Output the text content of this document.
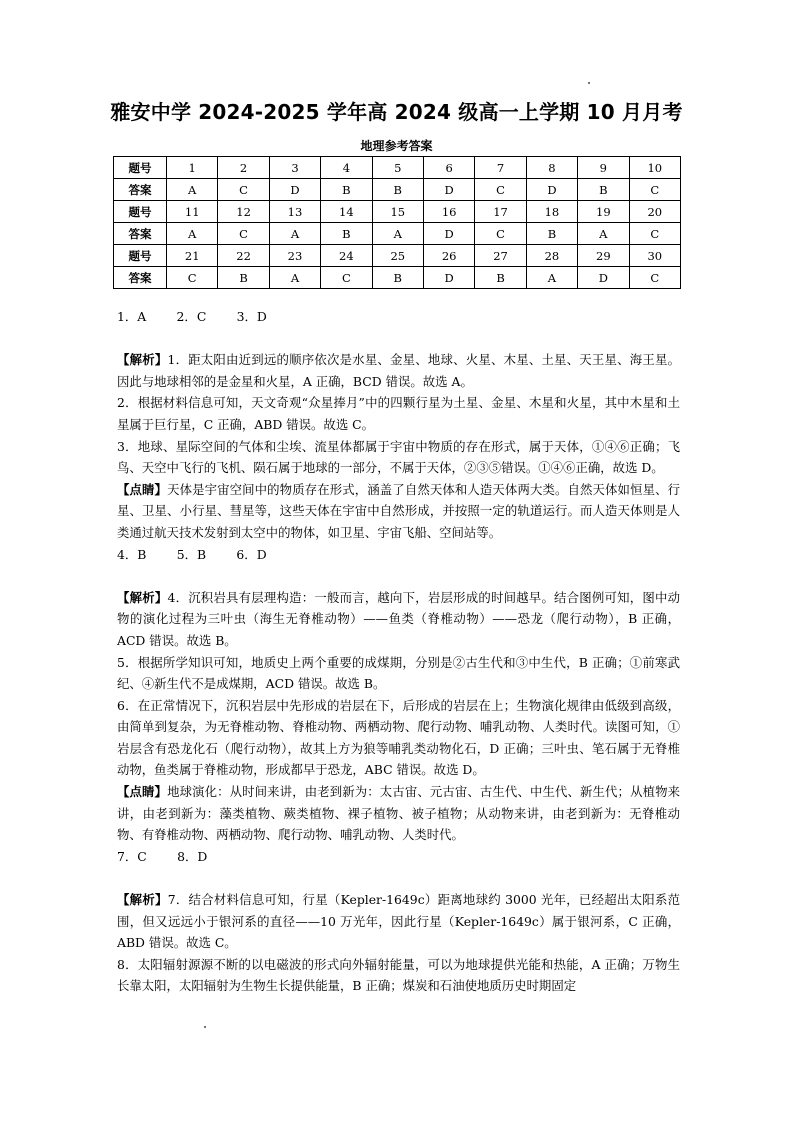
雅安中学 2024-2025 学年高 2024 级高一上学期 10 月月考
地理参考答案
题号	1	2	3	4	5	6	7	8	9	10
答案	A	C	D	B	B	D	C	D	B	C
题号	11	12	13	14	15	16	17	18	19	20
答案	A	C	A	B	A	D	C	B	A	C
题号	21	22	23	24	25	26	27	28	29	30
答案	C	B	A	C	B	D	B	A	D	C

1．A　 2．C　 3．D

【解析】1．距太阳由近到远的顺序依次是水星、金星、地球、火星、木星、土星、天王星、海王星。因此与地球相邻的是金星和火星，A 正确，BCD 错误。故选 A。

2．根据材料信息可知，天文奇观“众星捧月”中的四颗行星为土星、金星、木星和火星，其中木星和土星属于巨行星，C 正确，ABD 错误。故选 C。

3．地球、星际空间的气体和尘埃、流星体都属于宇宙中物质的存在形式，属于天体，①④⑥正确；飞鸟、天空中飞行的飞机、陨石属于地球的一部分，不属于天体，②③⑤错误。①④⑥正确，故选 D。

【点睛】天体是宇宙空间中的物质存在形式，涵盖了自然天体和人造天体两大类。自然天体如恒星、行星、卫星、小行星、彗星等，这些天体在宇宙中自然形成，并按照一定的轨道运行。而人造天体则是人类通过航天技术发射到太空中的物体，如卫星、宇宙飞船、空间站等。

4．B　 5．B　 6．D

【解析】4．沉积岩具有层理构造：一般而言，越向下，岩层形成的时间越早。结合图例可知，图中动物的演化过程为三叶虫（海生无脊椎动物）——鱼类（脊椎动物）——恐龙（爬行动物），B 正确，ACD 错误。故选 B。

5．根据所学知识可知，地质史上两个重要的成煤期，分别是②古生代和③中生代，B 正确；①前寒武纪、④新生代不是成煤期，ACD 错误。故选 B。

6．在正常情况下，沉积岩层中先形成的岩层在下，后形成的岩层在上；生物演化规律由低级到高级，由简单到复杂，为无脊椎动物、脊椎动物、两栖动物、爬行动物、哺乳动物、人类时代。读图可知，①岩层含有恐龙化石（爬行动物），故其上方为狼等哺乳类动物化石，D 正确；三叶虫、笔石属于无脊椎动物，鱼类属于脊椎动物，形成都早于恐龙，ABC 错误。故选 D。

【点睛】地球演化：从时间来讲，由老到新为：太古宙、元古宙、古生代、中生代、新生代；从植物来讲，由老到新为：藻类植物、蕨类植物、裸子植物、被子植物；从动物来讲，由老到新为：无脊椎动物、有脊椎动物、两栖动物、爬行动物、哺乳动物、人类时代。

7．C　 8．D

【解析】7．结合材料信息可知，行星（Kepler-1649c）距离地球约 3000 光年，已经超出太阳系范围，但又远远小于银河系的直径——10 万光年，因此行星（Kepler-1649c）属于银河系，C 正确，ABD 错误。故选 C。

8．太阳辐射源源不断的以电磁波的形式向外辐射能量，可以为地球提供光能和热能，A 正确；万物生长靠太阳，太阳辐射为生物生长提供能量，B 正确；煤炭和石油使地质历史时期固定
